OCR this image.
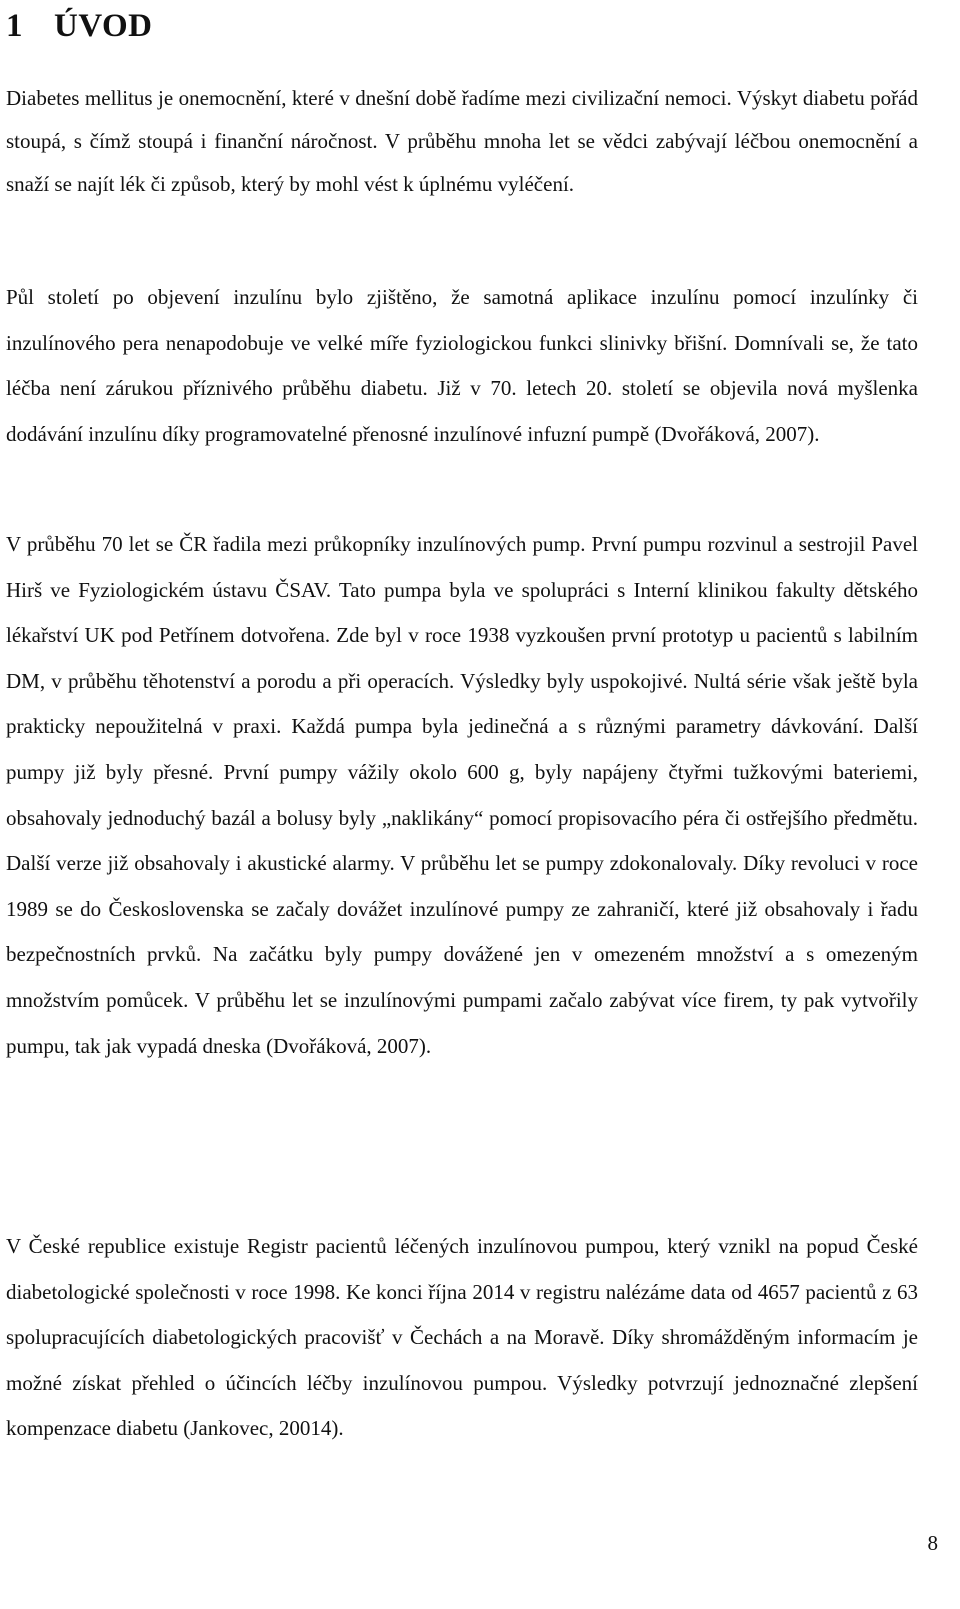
1 ÚVOD

Diabetes mellitus je onemocnění, které v dnešní době řadíme mezi civilizační nemoci. Výskyt diabetu pořád stoupá, s čímž stoupá i finanční náročnost. V průběhu mnoha let se vědci zabývají léčbou onemocnění a snaží se najít lék či způsob, který by mohl vést k úplnému vyléčení.

Půl století po objevení inzulínu bylo zjištěno, že samotná aplikace inzulínu pomocí inzulínky či inzulínového pera nenapodobuje ve velké míře fyziologickou funkci slinivky břišní. Domnívali se, že tato léčba není zárukou příznivého průběhu diabetu. Již v 70. letech 20. století se objevila nová myšlenka dodávání inzulínu díky programovatelné přenosné inzulínové infuzní pumpě (Dvořáková, 2007).

V průběhu 70 let se ČR řadila mezi průkopníky inzulínových pump. První pumpu rozvinul a sestrojil Pavel Hirš ve Fyziologickém ústavu ČSAV. Tato pumpa byla ve spolupráci s Interní klinikou fakulty dětského lékařství UK pod Petřínem dotvořena. Zde byl v roce 1938 vyzkoušen první prototyp u pacientů s labilním DM, v průběhu těhotenství a porodu a při operacích. Výsledky byly uspokojivé. Nultá série však ještě byla prakticky nepoužitelná v praxi. Každá pumpa byla jedinečná a s různými parametry dávkování. Další pumpy již byly přesné. První pumpy vážily okolo 600 g, byly napájeny čtyřmi tužkovými bateriemi, obsahovaly jednoduchý bazál a bolusy byly „naklikány“ pomocí propisovacího péra či ostřejšího předmětu. Další verze již obsahovaly i akustické alarmy. V průběhu let se pumpy zdokonalovaly. Díky revoluci v roce 1989 se do Československa se začaly dovážet inzulínové pumpy ze zahraničí, které již obsahovaly i řadu bezpečnostních prvků. Na začátku byly pumpy dovážené jen v omezeném množství a s omezeným množstvím pomůcek. V průběhu let se inzulínovými pumpami začalo zabývat více firem, ty pak vytvořily pumpu, tak jak vypadá dneska (Dvořáková, 2007).

V České republice existuje Registr pacientů léčených inzulínovou pumpou, který vznikl na popud České diabetologické společnosti v roce 1998. Ke konci října 2014 v registru nalézáme data od 4657 pacientů z 63 spolupracujících diabetologických pracovišť v Čechách a na Moravě. Díky shromážděným informacím je možné získat přehled o účincích léčby inzulínovou pumpou. Výsledky potvrzují jednoznačné zlepšení kompenzace diabetu (Jankovec, 20014).

8
